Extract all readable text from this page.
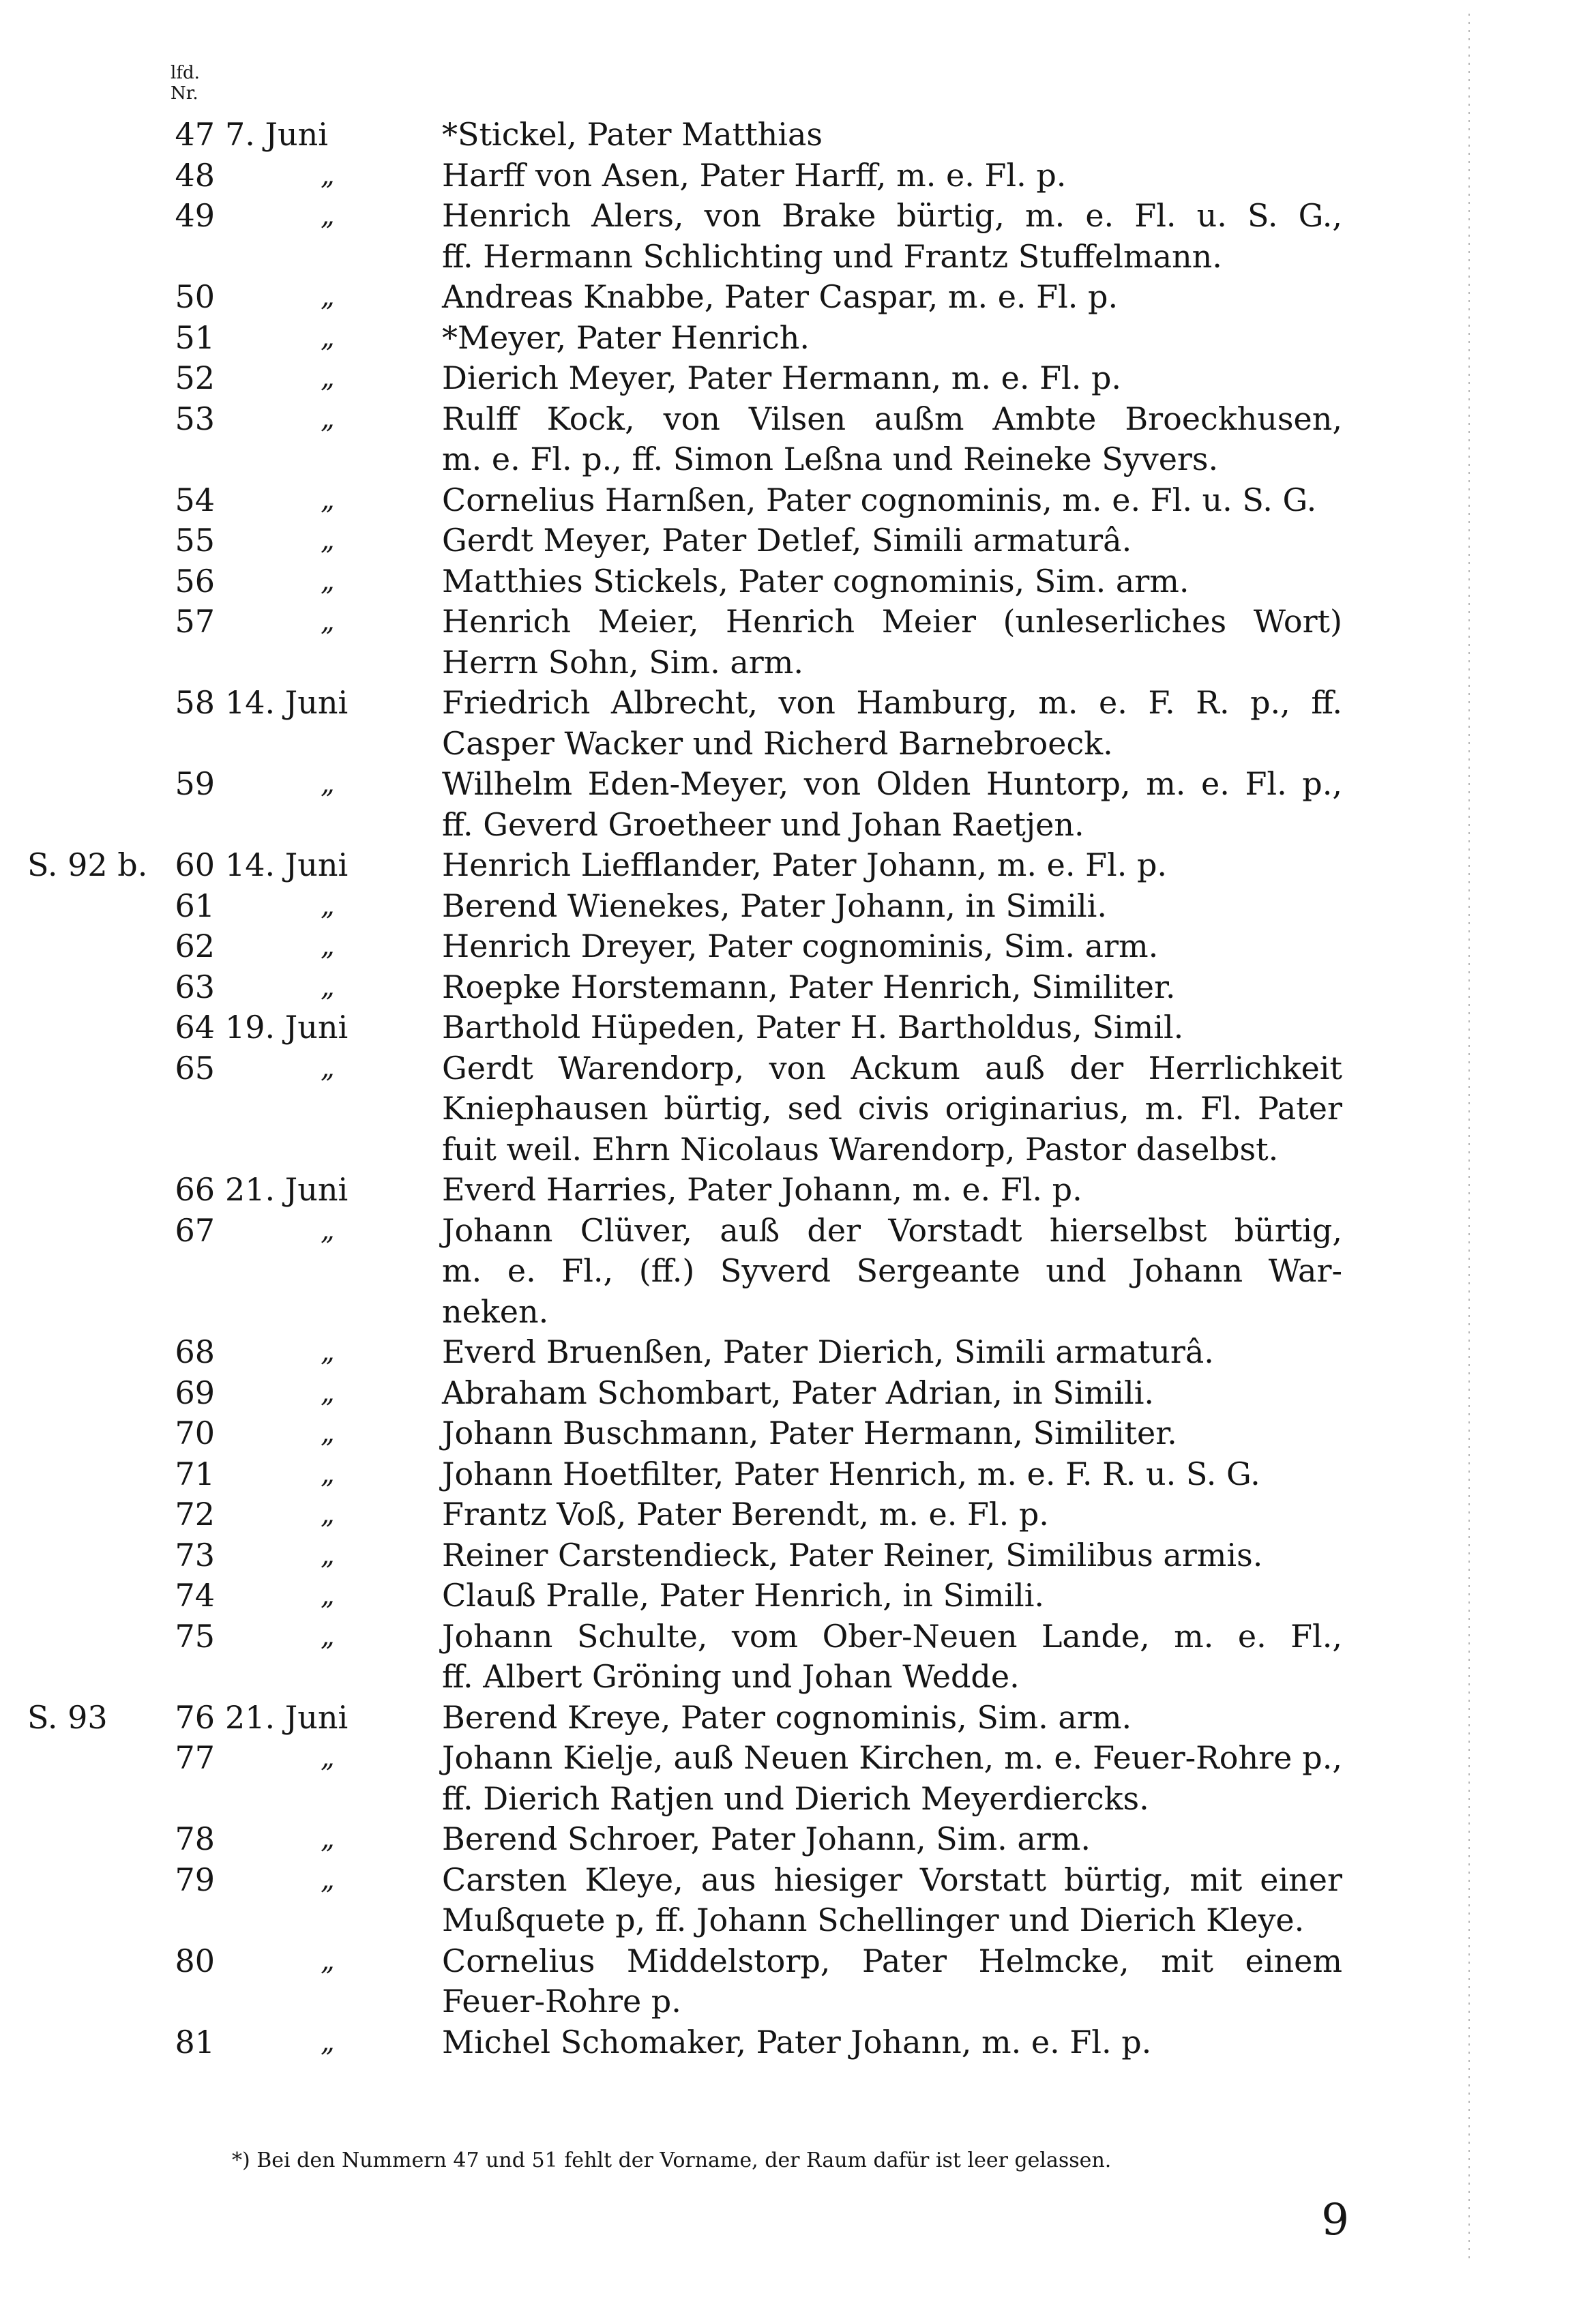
lfd. Nr.
47 7. Juni	*Stickel, Pater Matthias
48	„	Harff von Asen, Pater Harff, m. e. Fl. p.
49	„	Henrich Alers, von Brake bürtig, m. e. Fl. u. S. G.,
ff. Hermann Schlichting und Frantz Stuffelmann.
50	„	Andreas Knabbe, Pater Caspar, m. e. Fl. p.
51	„	*Meyer, Pater Henrich.
52	„	Dierich Meyer, Pater Hermann, m. e. Fl. p.
53	„	Rulff Kock, von Vilsen außm Ambte Broeckhusen,
m. e. Fl. p., ff. Simon Leßna und Reineke Syvers.
54	„	Cornelius Harnßen, Pater cognominis, m. e. Fl. u. S. G.
55	„	Gerdt Meyer, Pater Detlef, Simili armaturâ.
56	„	Matthies Stickels, Pater cognominis, Sim. arm.
57	„	Henrich Meier, Henrich Meier (unleserliches Wort)
Herrn Sohn, Sim. arm.
58 14. Juni	Friedrich Albrecht, von Hamburg, m. e. F. R. p., ff.
Casper Wacker und Richerd Barnebroeck.
59	„	Wilhelm Eden-Meyer, von Olden Huntorp, m. e. Fl. p.,
ff. Geverd Groetheer und Johan Raetjen.
S. 92 b. 60 14. Juni	Henrich Liefflander, Pater Johann, m. e. Fl. p.
61	„	Berend Wienekes, Pater Johann, in Simili.
62	„	Henrich Dreyer, Pater cognominis, Sim. arm.
63	„	Roepke Horstemann, Pater Henrich, Similiter.
64 19. Juni	Barthold Hüpeden, Pater H. Bartholdus, Simil.
65	„	Gerdt Warendorp, von Ackum auß der Herrlichkeit
Kniephausen bürtig, sed civis originarius, m. Fl. Pater
fuit weil. Ehrn Nicolaus Warendorp, Pastor daselbst.
66 21. Juni	Everd Harries, Pater Johann, m. e. Fl. p.
67	„	Johann Clüver, auß der Vorstadt hierselbst bürtig,
m. e. Fl., (ff.) Syverd Sergeante und Johann War-
neken.
68	„	Everd Bruenßen, Pater Dierich, Simili armaturâ.
69	„	Abraham Schombart, Pater Adrian, in Simili.
70	„	Johann Buschmann, Pater Hermann, Similiter.
71	„	Johann Hoetfilter, Pater Henrich, m. e. F. R. u. S. G.
72	„	Frantz Voß, Pater Berendt, m. e. Fl. p.
73	„	Reiner Carstendieck, Pater Reiner, Similibus armis.
74	„	Clauß Pralle, Pater Henrich, in Simili.
75	„	Johann Schulte, vom Ober-Neuen Lande, m. e. Fl.,
ff. Albert Gröning und Johan Wedde.
S. 93	76 21. Juni	Berend Kreye, Pater cognominis, Sim. arm.
77	„	Johann Kielje, auß Neuen Kirchen, m. e. Feuer-Rohre p.,
ff. Dierich Ratjen und Dierich Meyerdiercks.
78	„	Berend Schroer, Pater Johann, Sim. arm.
79	„	Carsten Kleye, aus hiesiger Vorstatt bürtig, mit einer
Mußquete p, ff. Johann Schellinger und Dierich Kleye.
80	„	Cornelius Middelstorp, Pater Helmcke, mit einem
Feuer-Rohre p.
81	„	Michel Schomaker, Pater Johann, m. e. Fl. p.
*) Bei den Nummern 47 und 51 fehlt der Vorname, der Raum dafür ist leer gelassen.
9
